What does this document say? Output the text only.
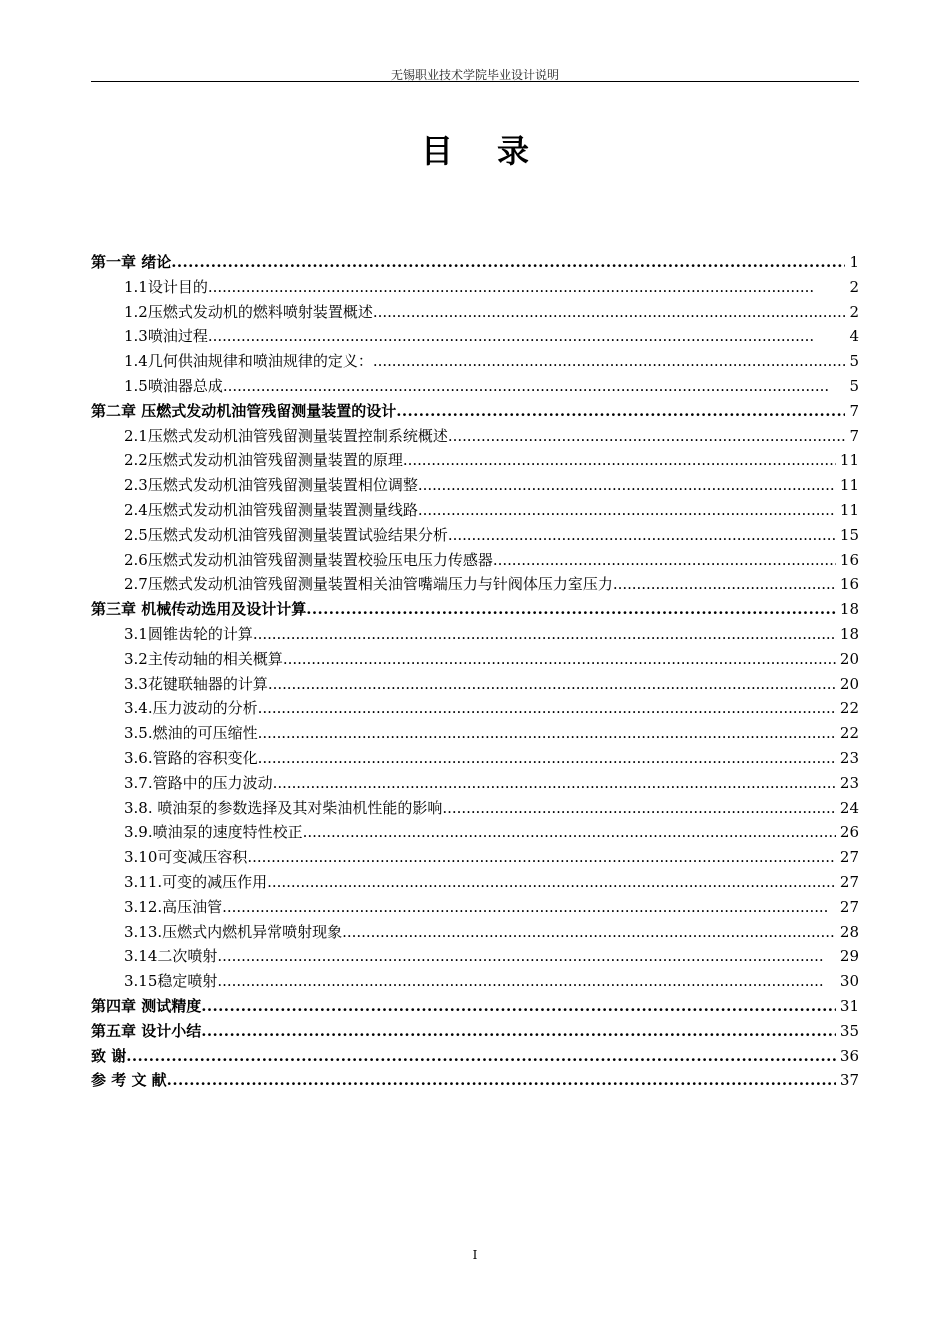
无锡职业技术学院毕业设计说明
目录
第一章 绪论 . . .	1
1.1设计目的 . . .	2
1.2压燃式发动机的燃料喷射装置概述 . . .	2
1.3喷油过程 . . .	4
1.4几何供油规律和喷油规律的定义： . . .	5
1.5喷油器总成 . . .	5
第二章 压燃式发动机油管残留测量装置的设计 . . .	7
2.1压燃式发动机油管残留测量装置控制系统概述 . . .	7
2.2压燃式发动机油管残留测量装置的原理 . . .	11
2.3压燃式发动机油管残留测量装置相位调整 . . .	11
2.4压燃式发动机油管残留测量装置测量线路 . . .	11
2.5压燃式发动机油管残留测量装置试验结果分析 . . .	15
2.6压燃式发动机油管残留测量装置校验压电压力传感器 . . .	16
2.7压燃式发动机油管残留测量装置相关油管嘴端压力与针阀体压力室压力 . . .	16
第三章 机械传动选用及设计计算 . . .	18
3.1圆锥齿轮的计算 . . .	18
3.2主传动轴的相关概算 . . .	20
3.3花键联轴器的计算 . . .	20
3.4.压力波动的分析 . . .	22
3.5.燃油的可压缩性 . . .	22
3.6.管路的容积变化 . . .	23
3.7.管路中的压力波动 . . .	23
3.8. 喷油泵的参数选择及其对柴油机性能的影响 . . .	24
3.9.喷油泵的速度特性校正 . . .	26
3.10可变减压容积 . . .	27
3.11.可变的减压作用 . . .	27
3.12.高压油管 . . .	27
3.13.压燃式内燃机异常喷射现象 . . .	28
3.14二次喷射 . . .	29
3.15稳定喷射 . . .	30
第四章 测试精度 . . .	31
第五章 设计小结 . . .	35
致 谢 . . .	36
参 考 文 献 . . .	37
I
